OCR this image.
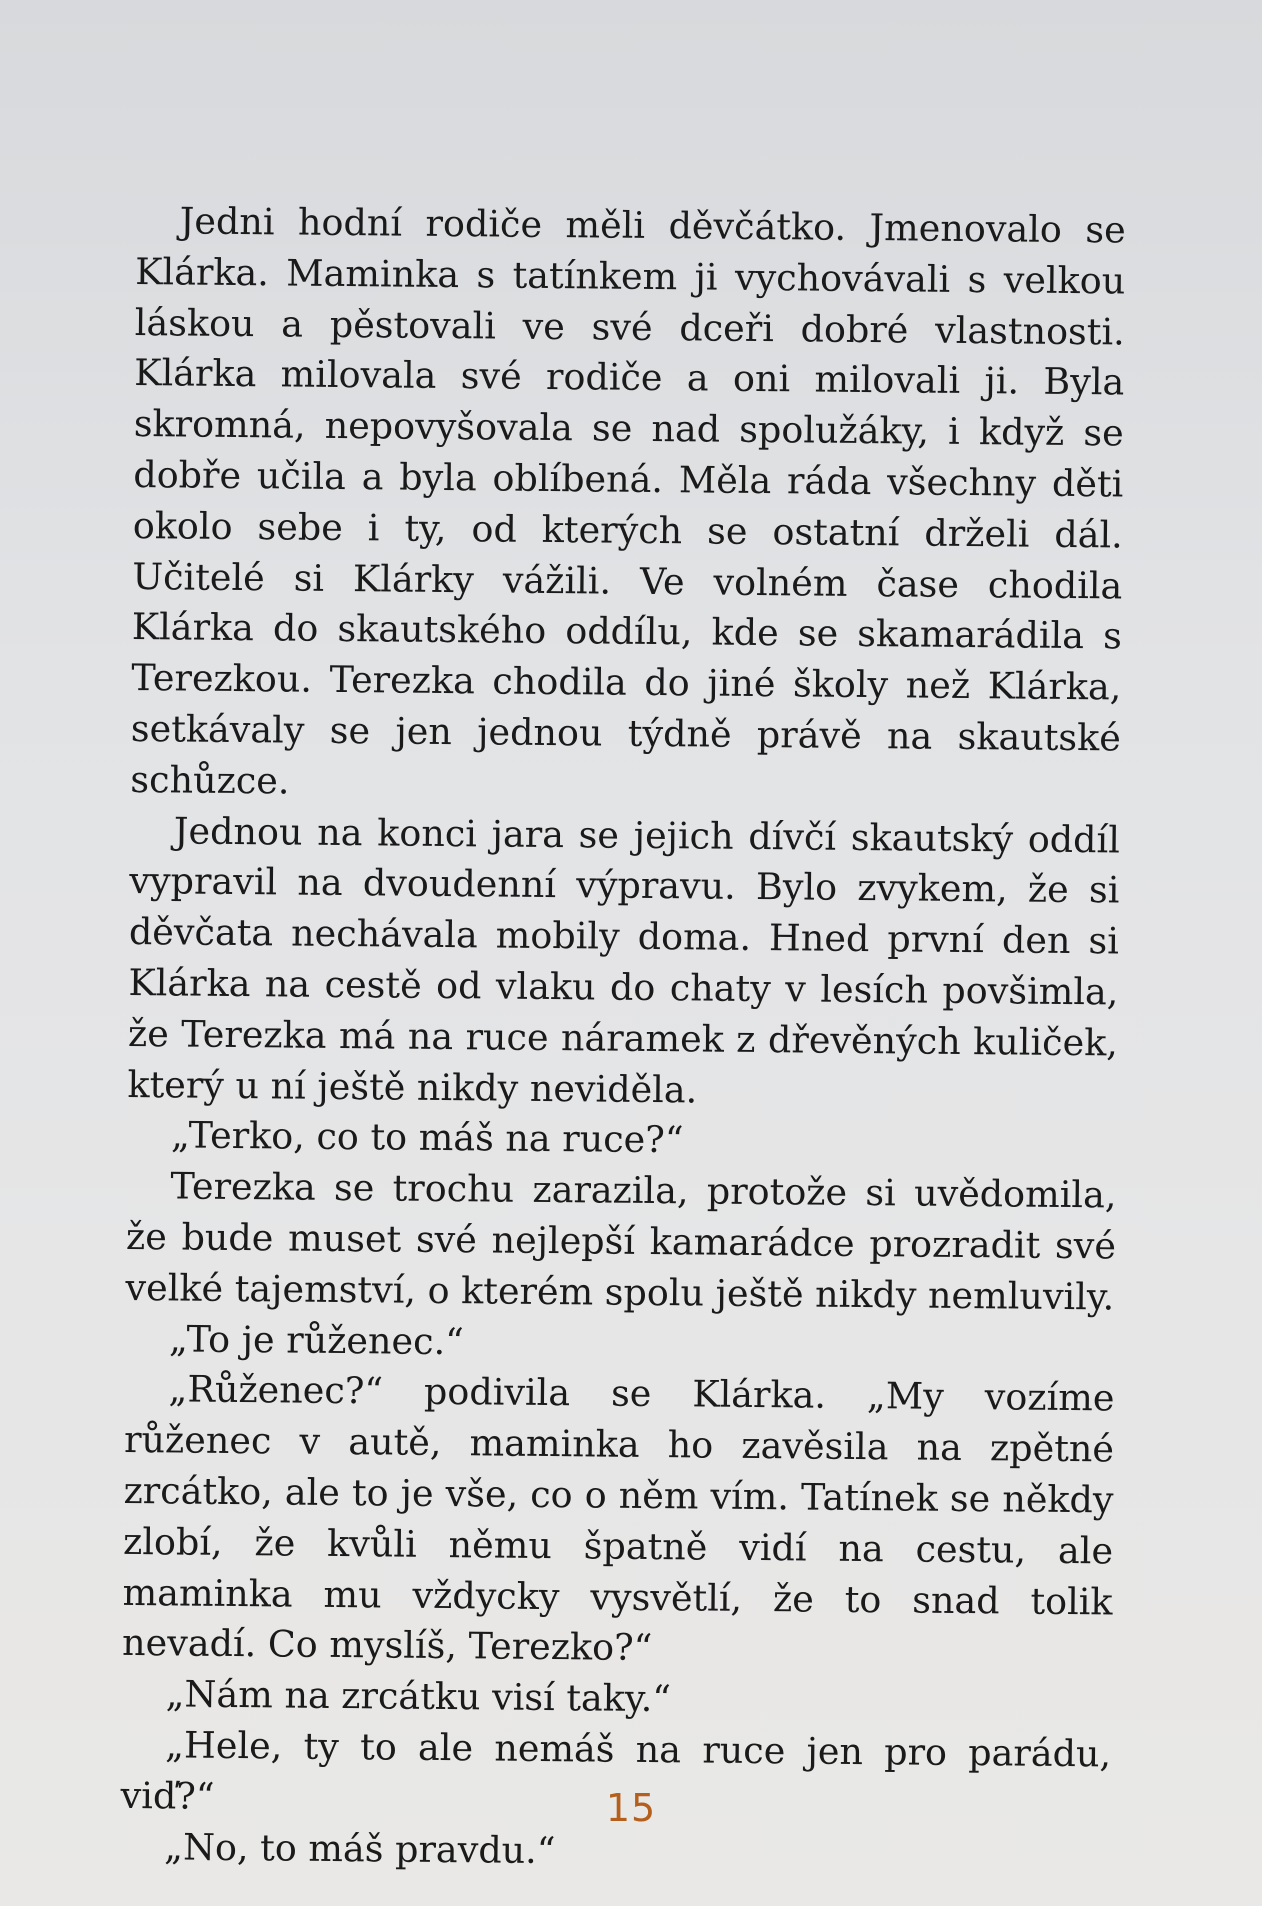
Jedni hodní rodiče měli děvčátko. Jmenovalo se Klárka. Maminka s tatínkem ji vychovávali s velkou láskou a pěstovali ve své dceři dobré vlastnosti. Klárka milovala své rodiče a oni milovali ji. Byla skromná, nepovyšovala se nad spolužáky, i když se dobře učila a byla oblíbená. Měla ráda všechny děti okolo sebe i ty, od kterých se ostatní drželi dál. Učitelé si Klárky vážili. Ve volném čase chodila Klárka do skautského oddílu, kde se skamarádila s Terezkou. Terezka chodila do jiné školy než Klárka, setkávaly se jen jednou týdně právě na skautské schůzce.

Jednou na konci jara se jejich dívčí skautský oddíl vypravil na dvoudenní výpravu. Bylo zvykem, že si děvčata nechávala mobily doma. Hned první den si Klárka na cestě od vlaku do chaty v lesích povšimla, že Terezka má na ruce náramek z dřevěných kuliček, který u ní ještě nikdy neviděla.

„Terko, co to máš na ruce?“

Terezka se trochu zarazila, protože si uvědomila, že bude muset své nejlepší kamarádce prozradit své velké tajemství, o kterém spolu ještě nikdy nemluvily.

„To je růženec.“

„Růženec?“ podivila se Klárka. „My vozíme růženec v autě, maminka ho zavěsila na zpětné zrcátko, ale to je vše, co o něm vím. Tatínek se někdy zlobí, že kvůli němu špatně vidí na cestu, ale maminka mu vždycky vysvětlí, že to snad tolik nevadí. Co myslíš, Terezko?“

„Nám na zrcátku visí taky.“

„Hele, ty to ale nemáš na ruce jen pro parádu, viď?“

„No, to máš pravdu.“

15
